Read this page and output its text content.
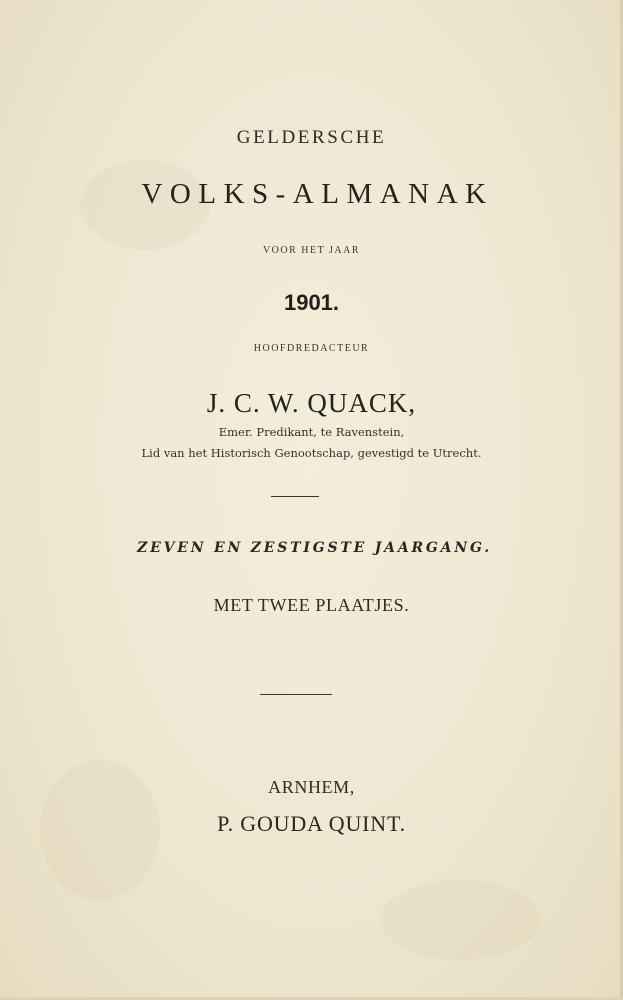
GELDERSCHE
VOLKS-ALMANAK
VOOR HET JAAR
1901.
HOOFDREDACTEUR
J. C. W. QUACK,
Emer. Predikant, te Ravenstein,
Lid van het Historisch Genootschap, gevestigd te Utrecht.
ZEVEN EN ZESTIGSTE JAARGANG.
MET TWEE PLAATJES.
ARNHEM,
P. GOUDA QUINT.
